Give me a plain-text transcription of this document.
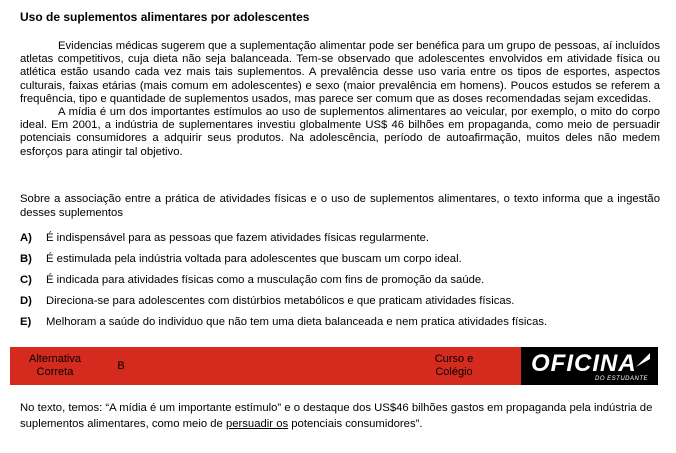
Uso de suplementos alimentares por adolescentes

Evidencias médicas sugerem que a suplementação alimentar pode ser benéfica para um grupo de pessoas, aí incluídos atletas competitivos, cuja dieta não seja balanceada. Tem-se observado que adolescentes envolvidos em atividade física ou atlética estão usando cada vez mais tais suplementos. A prevalência desse uso varia entre os tipos de esportes, aspectos culturais, faixas etárias (mais comum em adolescentes) e sexo (maior prevalência em homens). Poucos estudos se referem a frequência, tipo e quantidade de suplementos usados, mas parece ser comum que as doses recomendadas sejam excedidas.

A mídia é um dos importantes estímulos ao uso de suplementos alimentares ao veicular, por exemplo, o mito do corpo ideal. Em 2001, a indústria de suplementares investiu globalmente US$ 46 bilhões em propaganda, como meio de persuadir potenciais consumidores a adquirir seus produtos. Na adolescência, período de autoafirmação, muitos deles não medem esforços para atingir tal objetivo.

Sobre a associação entre a prática de atividades físicas e o uso de suplementos alimentares, o texto informa que a ingestão desses suplementos
A)	É indispensável para as pessoas que fazem atividades físicas regularmente.
B)	É estimulada pela indústria voltada para adolescentes que buscam um corpo ideal.
C)	É indicada para atividades físicas como a musculação com fins de promoção da saúde.
D)	Direciona-se para adolescentes com distúrbios metabólicos e que praticam atividades físicas.
E)	Melhoram a saúde do individuo que não tem uma dieta balanceada e nem pratica atividades físicas.
Alternativa
Correta	B
Curso e
Colégio	OFICINA
DO ESTUDANTE
No texto, temos: “A mídia é um importante estímulo” e o destaque dos US$46 bilhões gastos em propaganda pela indústria de suplementos alimentares, como meio de persuadir os potenciais consumidores”.
